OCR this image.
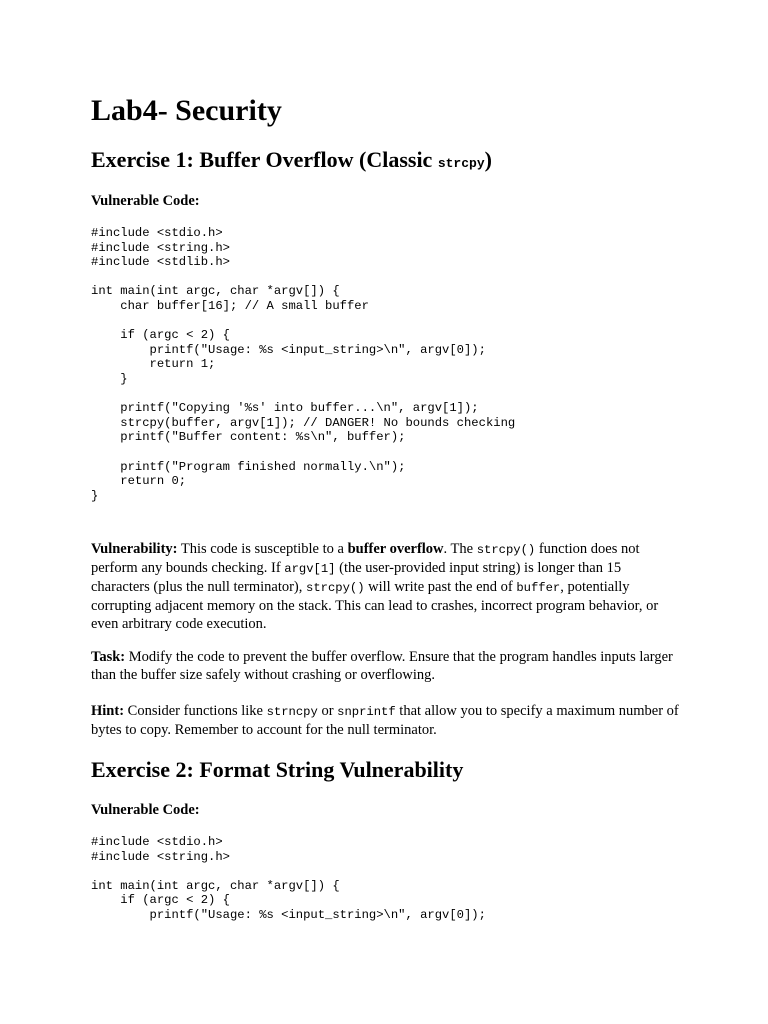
Lab4- Security
Exercise 1: Buffer Overflow (Classic strcpy)
Vulnerable Code:
#include <stdio.h>
#include <string.h>
#include <stdlib.h>

int main(int argc, char *argv[]) {
char buffer[16]; // A small buffer

if (argc < 2) {
printf("Usage: %s <input_string>\n", argv[0]);
return 1;
}

printf("Copying '%s' into buffer...\n", argv[1]);
strcpy(buffer, argv[1]); // DANGER! No bounds checking
printf("Buffer content: %s\n", buffer);

printf("Program finished normally.\n");
return 0;
}

Vulnerability: This code is susceptible to a buffer overflow. The strcpy() function does not perform any bounds checking. If argv[1] (the user-provided input string) is longer than 15 characters (plus the null terminator), strcpy() will write past the end of buffer, potentially corrupting adjacent memory on the stack. This can lead to crashes, incorrect program behavior, or even arbitrary code execution.

Task: Modify the code to prevent the buffer overflow. Ensure that the program handles inputs larger than the buffer size safely without crashing or overflowing.

Hint: Consider functions like strncpy or snprintf that allow you to specify a maximum number of bytes to copy. Remember to account for the null terminator.

Exercise 2: Format String Vulnerability
Vulnerable Code:
#include <stdio.h>
#include <string.h>

int main(int argc, char *argv[]) {
if (argc < 2) {
printf("Usage: %s <input_string>\n", argv[0]);
